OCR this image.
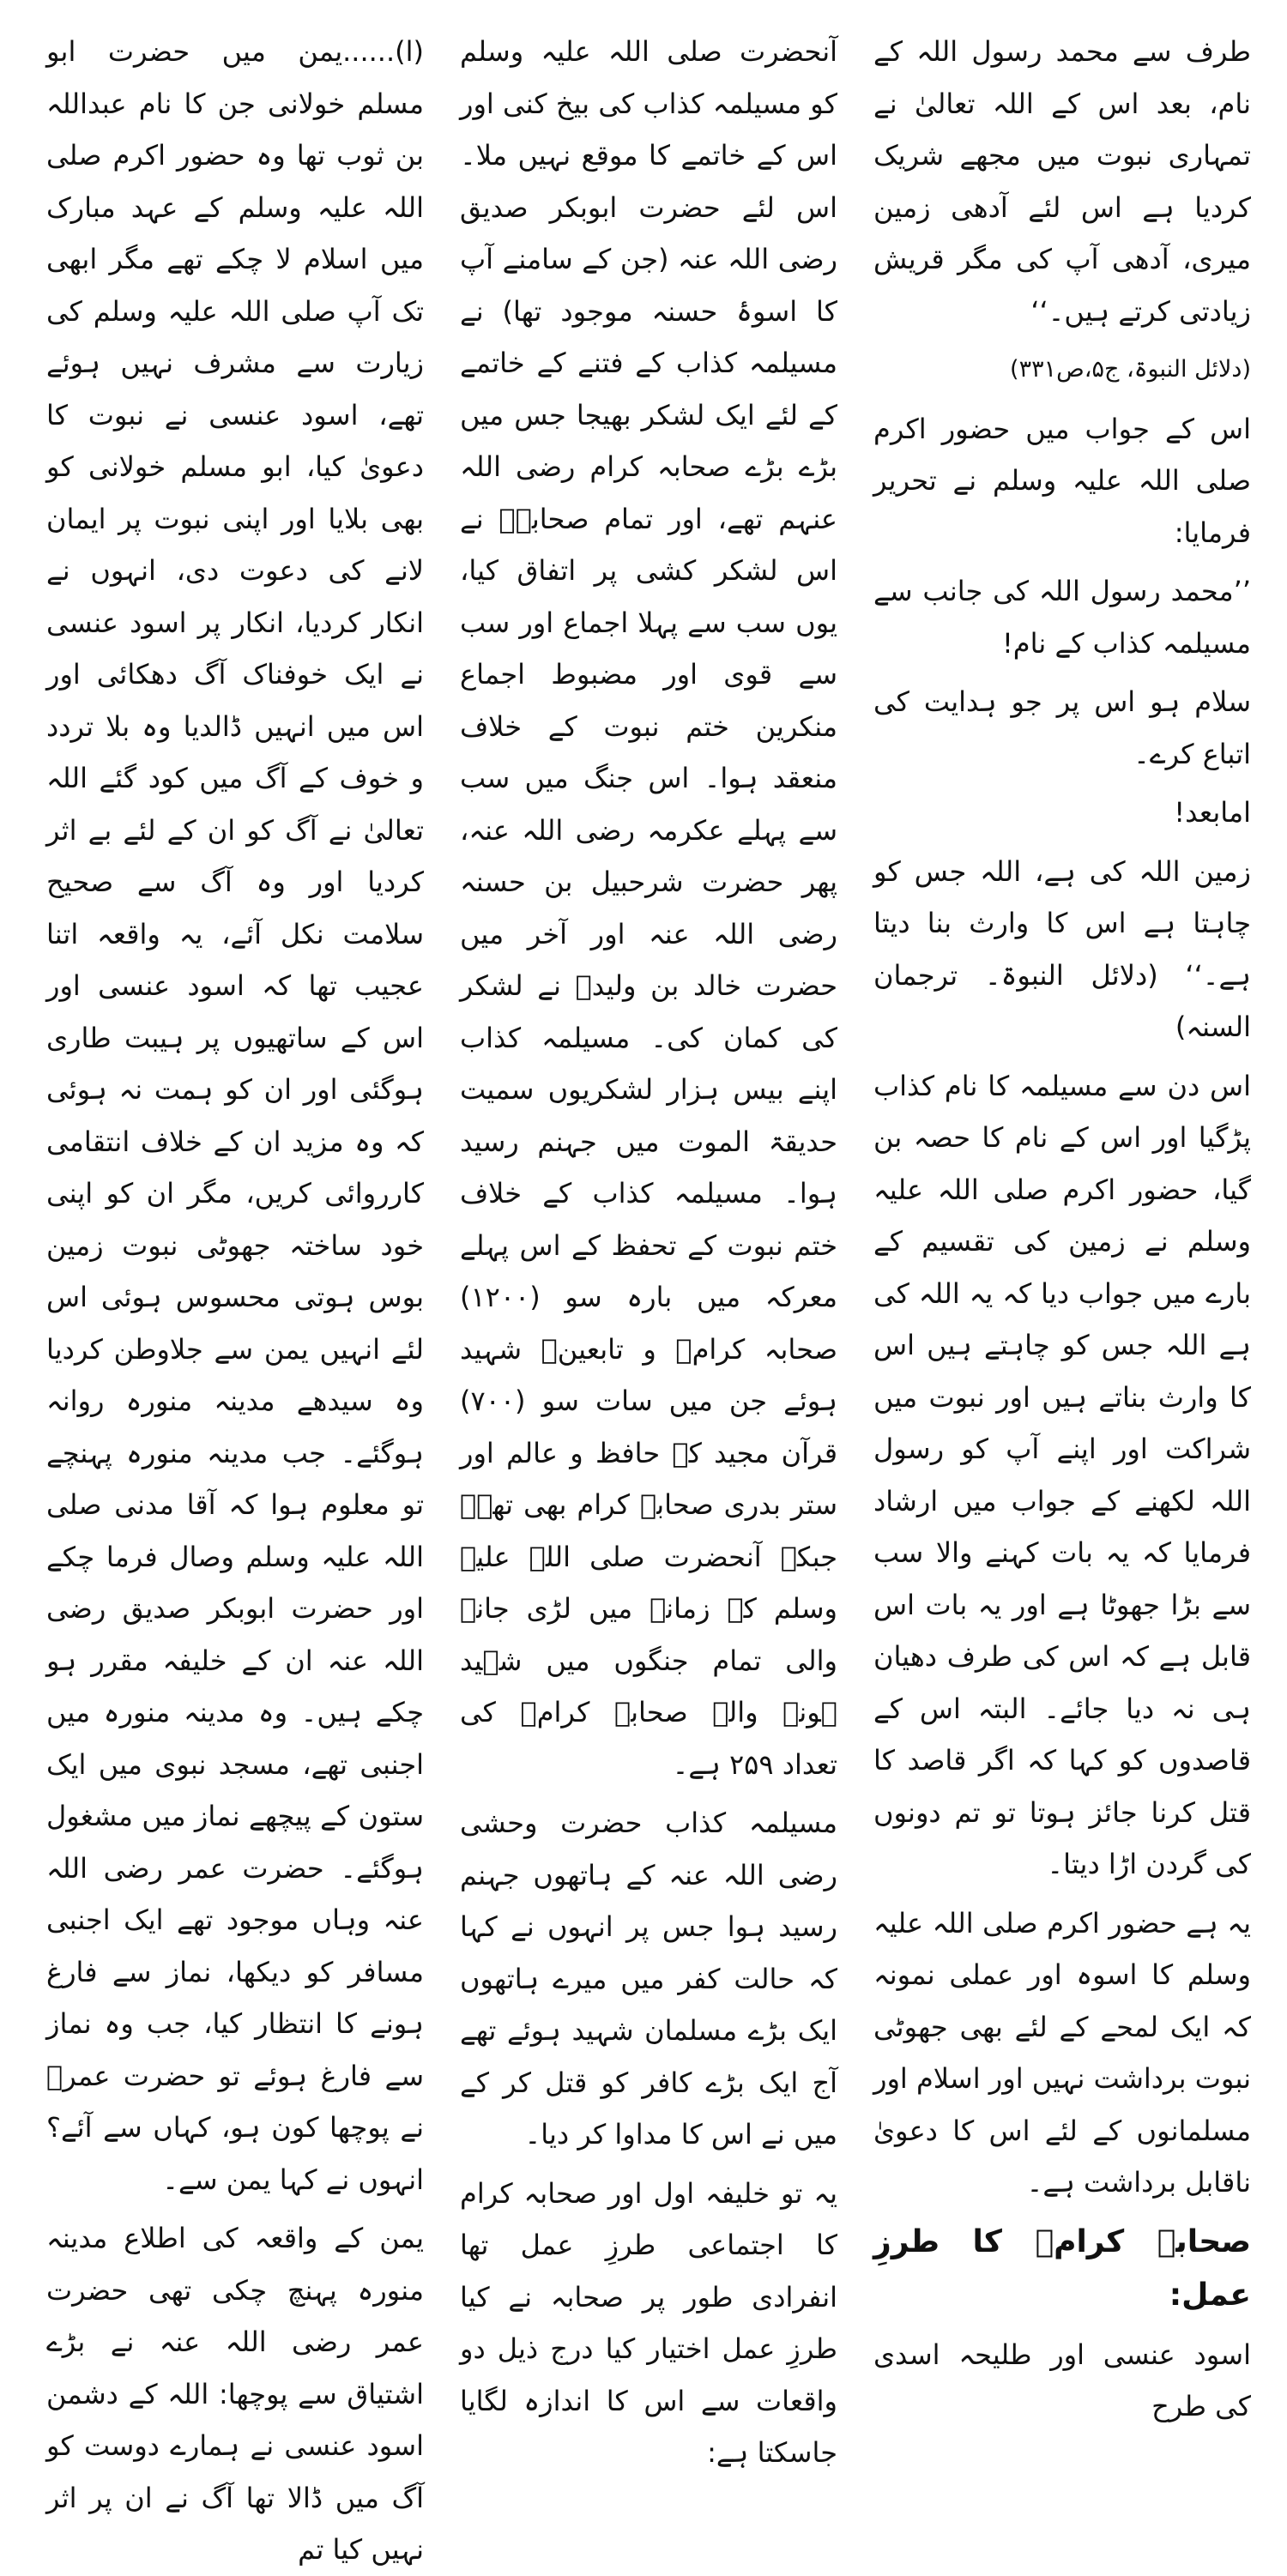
طرف سے محمد رسول اللہ کے نام، بعد اس کے اللہ تعالیٰ نے تمہاری نبوت میں مجھے شریک کردیا ہے اس لئے آدھی زمین میری، آدھی آپ کی مگر قریش زیادتی کرتے ہیں۔‘‘

(دلائل النبوۃ، ج۵،ص۳۳۱)

اس کے جواب میں حضور اکرم صلی اللہ علیہ وسلم نے تحریر فرمایا:

’’محمد رسول اللہ کی جانب سے مسیلمہ کذاب کے نام!

سلام ہو اس پر جو ہدایت کی اتباع کرے۔

امابعد!

زمین اللہ کی ہے، اللہ جس کو چاہتا ہے اس کا وارث بنا دیتا ہے۔‘‘ (دلائل النبوۃ۔ ترجمان السنہ)

اس دن سے مسیلمہ کا نام کذاب پڑگیا اور اس کے نام کا حصہ بن گیا، حضور اکرم صلی اللہ علیہ وسلم نے زمین کی تقسیم کے بارے میں جواب دیا کہ یہ اللہ کی ہے اللہ جس کو چاہتے ہیں اس کا وارث بناتے ہیں اور نبوت میں شراکت اور اپنے آپ کو رسول اللہ لکھنے کے جواب میں ارشاد فرمایا کہ یہ بات کہنے والا سب سے بڑا جھوٹا ہے اور یہ بات اس قابل ہے کہ اس کی طرف دھیان ہی نہ دیا جائے۔ البتہ اس کے قاصدوں کو کہا کہ اگر قاصد کا قتل کرنا جائز ہوتا تو تم دونوں کی گردن اڑا دیتا۔

یہ ہے حضور اکرم صلی اللہ علیہ وسلم کا اسوہ اور عملی نمونہ کہ ایک لمحے کے لئے بھی جھوٹی نبوت برداشت نہیں اور اسلام اور مسلمانوں کے لئے اس کا دعویٰ ناقابل برداشت ہے۔

صحابہ کرامؓ کا طرزِ عمل:

اسود عنسی اور طلیحہ اسدی کی طرح

آنحضرت صلی اللہ علیہ وسلم کو مسیلمہ کذاب کی بیخ کنی اور اس کے خاتمے کا موقع نہیں ملا۔ اس لئے حضرت ابوبکر صدیق رضی اللہ عنہ (جن کے سامنے آپ کا اسوۂ حسنہ موجود تھا) نے مسیلمہ کذاب کے فتنے کے خاتمے کے لئے ایک لشکر بھیجا جس میں بڑے بڑے صحابہ کرام رضی اللہ عنہم تھے، اور تمام صحابہؓ نے اس لشکر کشی پر اتفاق کیا، یوں سب سے پہلا اجماع اور سب سے قوی اور مضبوط اجماع منکرین ختم نبوت کے خلاف منعقد ہوا۔ اس جنگ میں سب سے پہلے عکرمہ رضی اللہ عنہ، پھر حضرت شرحبیل بن حسنہ رضی اللہ عنہ اور آخر میں حضرت خالد بن ولیدؓ نے لشکر کی کمان کی۔ مسیلمہ کذاب اپنے بیس ہزار لشکریوں سمیت حدیقۃ الموت میں جہنم رسید ہوا۔ مسیلمہ کذاب کے خلاف ختم نبوت کے تحفظ کے اس پہلے معرکہ میں بارہ سو (۱۲۰۰) صحابہ کرامؓ و تابعینؒ شہید ہوئے جن میں سات سو (۷۰۰) قرآن مجید کے حافظ و عالم اور ستر بدری صحابہ کرام بھی تھے۔ جبکہ آنحضرت صلی اللہ علیہ وسلم کے زمانہ میں لڑی جانے والی تمام جنگوں میں شہید ہونے والے صحابہ کرامؓ کی تعداد ۲۵۹ ہے۔

مسیلمہ کذاب حضرت وحشی رضی اللہ عنہ کے ہاتھوں جہنم رسید ہوا جس پر انہوں نے کہا کہ حالت کفر میں میرے ہاتھوں ایک بڑے مسلمان شہید ہوئے تھے آج ایک بڑے کافر کو قتل کر کے میں نے اس کا مداوا کر دیا۔

یہ تو خلیفہ اول اور صحابہ کرام کا اجتماعی طرزِ عمل تھا انفرادی طور پر صحابہ نے کیا طرزِ عمل اختیار کیا درج ذیل دو واقعات سے اس کا اندازہ لگایا جاسکتا ہے:

(ا)......یمن میں حضرت ابو مسلم خولانی جن کا نام عبداللہ بن ثوب تھا وہ حضور اکرم صلی اللہ علیہ وسلم کے عہد مبارک میں اسلام لا چکے تھے مگر ابھی تک آپ صلی اللہ علیہ وسلم کی زیارت سے مشرف نہیں ہوئے تھے، اسود عنسی نے نبوت کا دعویٰ کیا، ابو مسلم خولانی کو بھی بلایا اور اپنی نبوت پر ایمان لانے کی دعوت دی، انہوں نے انکار کردیا، انکار پر اسود عنسی نے ایک خوفناک آگ دھکائی اور اس میں انہیں ڈالدیا وہ بلا تردد و خوف کے آگ میں کود گئے اللہ تعالیٰ نے آگ کو ان کے لئے بے اثر کردیا اور وہ آگ سے صحیح سلامت نکل آئے، یہ واقعہ اتنا عجیب تھا کہ اسود عنسی اور اس کے ساتھیوں پر ہیبت طاری ہوگئی اور ان کو ہمت نہ ہوئی کہ وہ مزید ان کے خلاف انتقامی کارروائی کریں، مگر ان کو اپنی خود ساختہ جھوٹی نبوت زمین بوس ہوتی محسوس ہوئی اس لئے انہیں یمن سے جلاوطن کردیا وہ سیدھے مدینہ منورہ روانہ ہوگئے۔ جب مدینہ منورہ پہنچے تو معلوم ہوا کہ آقا مدنی صلی اللہ علیہ وسلم وصال فرما چکے اور حضرت ابوبکر صدیق رضی اللہ عنہ ان کے خلیفہ مقرر ہو چکے ہیں۔ وہ مدینہ منورہ میں اجنبی تھے، مسجد نبوی میں ایک ستون کے پیچھے نماز میں مشغول ہوگئے۔ حضرت عمر رضی اللہ عنہ وہاں موجود تھے ایک اجنبی مسافر کو دیکھا، نماز سے فارغ ہونے کا انتظار کیا، جب وہ نماز سے فارغ ہوئے تو حضرت عمرؓ نے پوچھا کون ہو، کہاں سے آئے؟ انہوں نے کہا یمن سے۔

یمن کے واقعہ کی اطلاع مدینہ منورہ پہنچ چکی تھی حضرت عمر رضی اللہ عنہ نے بڑے اشتیاق سے پوچھا: اللہ کے دشمن اسود عنسی نے ہمارے دوست کو آگ میں ڈالا تھا آگ نے ان پر اثر نہیں کیا تم
